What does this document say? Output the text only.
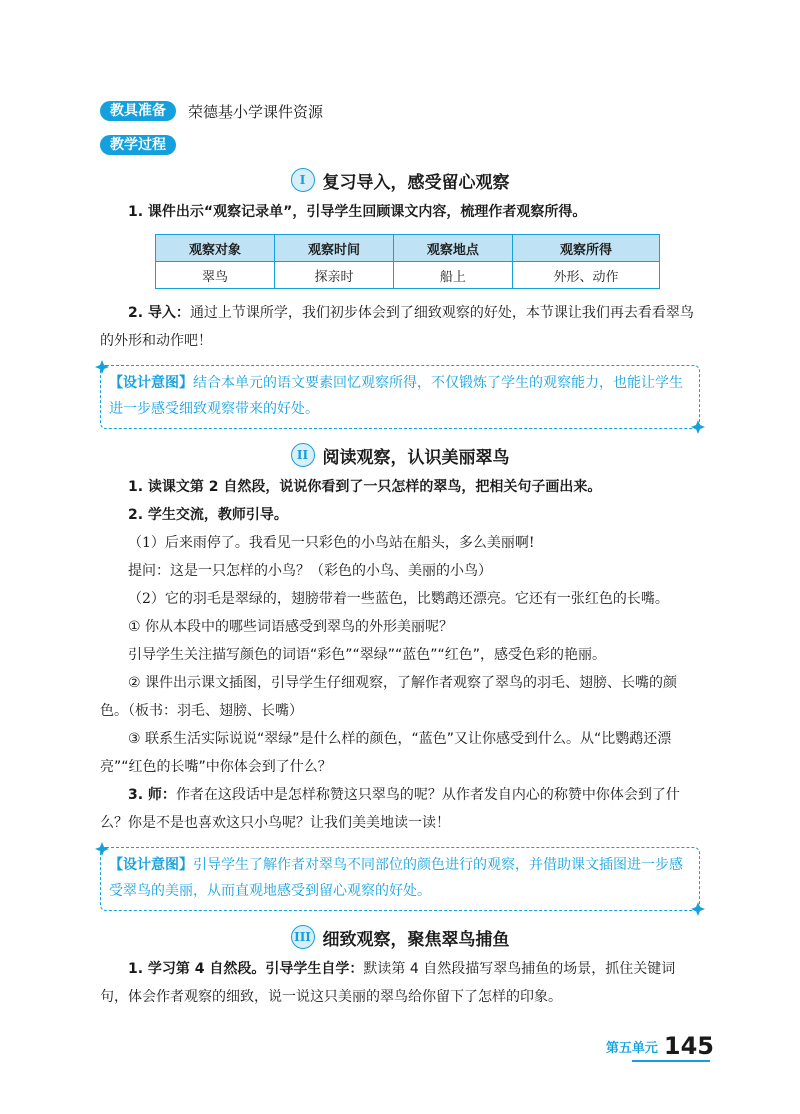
教具准备	荣德基小学课件资源
教学过程
I	复习导入，感受留心观察

1. 课件出示“观察记录单”，引导学生回顾课文内容，梳理作者观察所得。

观察对象	观察时间	观察地点	观察所得
翠鸟	探亲时	船上	外形、动作

2. 导入：通过上节课所学，我们初步体会到了细致观察的好处，本节课让我们再去看看翠鸟的外形和动作吧！

【设计意图】结合本单元的语文要素回忆观察所得，不仅锻炼了学生的观察能力，也能让学生进一步感受细致观察带来的好处。
II 阅读观察，认识美丽翠鸟

1. 读课文第 2 自然段，说说你看到了一只怎样的翠鸟，把相关句子画出来。

2. 学生交流，教师引导。

（1）后来雨停了。我看见一只彩色的小鸟站在船头，多么美丽啊!

提问：这是一只怎样的小鸟？（彩色的小鸟、美丽的小鸟）

（2）它的羽毛是翠绿的，翅膀带着一些蓝色，比鹦鹉还漂亮。它还有一张红色的长嘴。

① 你从本段中的哪些词语感受到翠鸟的外形美丽呢？

引导学生关注描写颜色的词语“彩色”“翠绿”“蓝色”“红色”，感受色彩的艳丽。

② 课件出示课文插图，引导学生仔细观察，了解作者观察了翠鸟的羽毛、翅膀、长嘴的颜色。（板书：羽毛、翅膀、长嘴）

③ 联系生活实际说说“翠绿”是什么样的颜色，“蓝色”又让你感受到什么。从“比鹦鹉还漂亮”“红色的长嘴”中你体会到了什么？

3. 师：作者在这段话中是怎样称赞这只翠鸟的呢？从作者发自内心的称赞中你体会到了什么？你是不是也喜欢这只小鸟呢？让我们美美地读一读！

【设计意图】引导学生了解作者对翠鸟不同部位的颜色进行的观察，并借助课文插图进一步感受翠鸟的美丽，从而直观地感受到留心观察的好处。
III 细致观察，聚焦翠鸟捕鱼

1. 学习第 4 自然段。引导学生自学：默读第 4 自然段描写翠鸟捕鱼的场景，抓住关键词句，体会作者观察的细致，说一说这只美丽的翠鸟给你留下了怎样的印象。

第五单元 145
